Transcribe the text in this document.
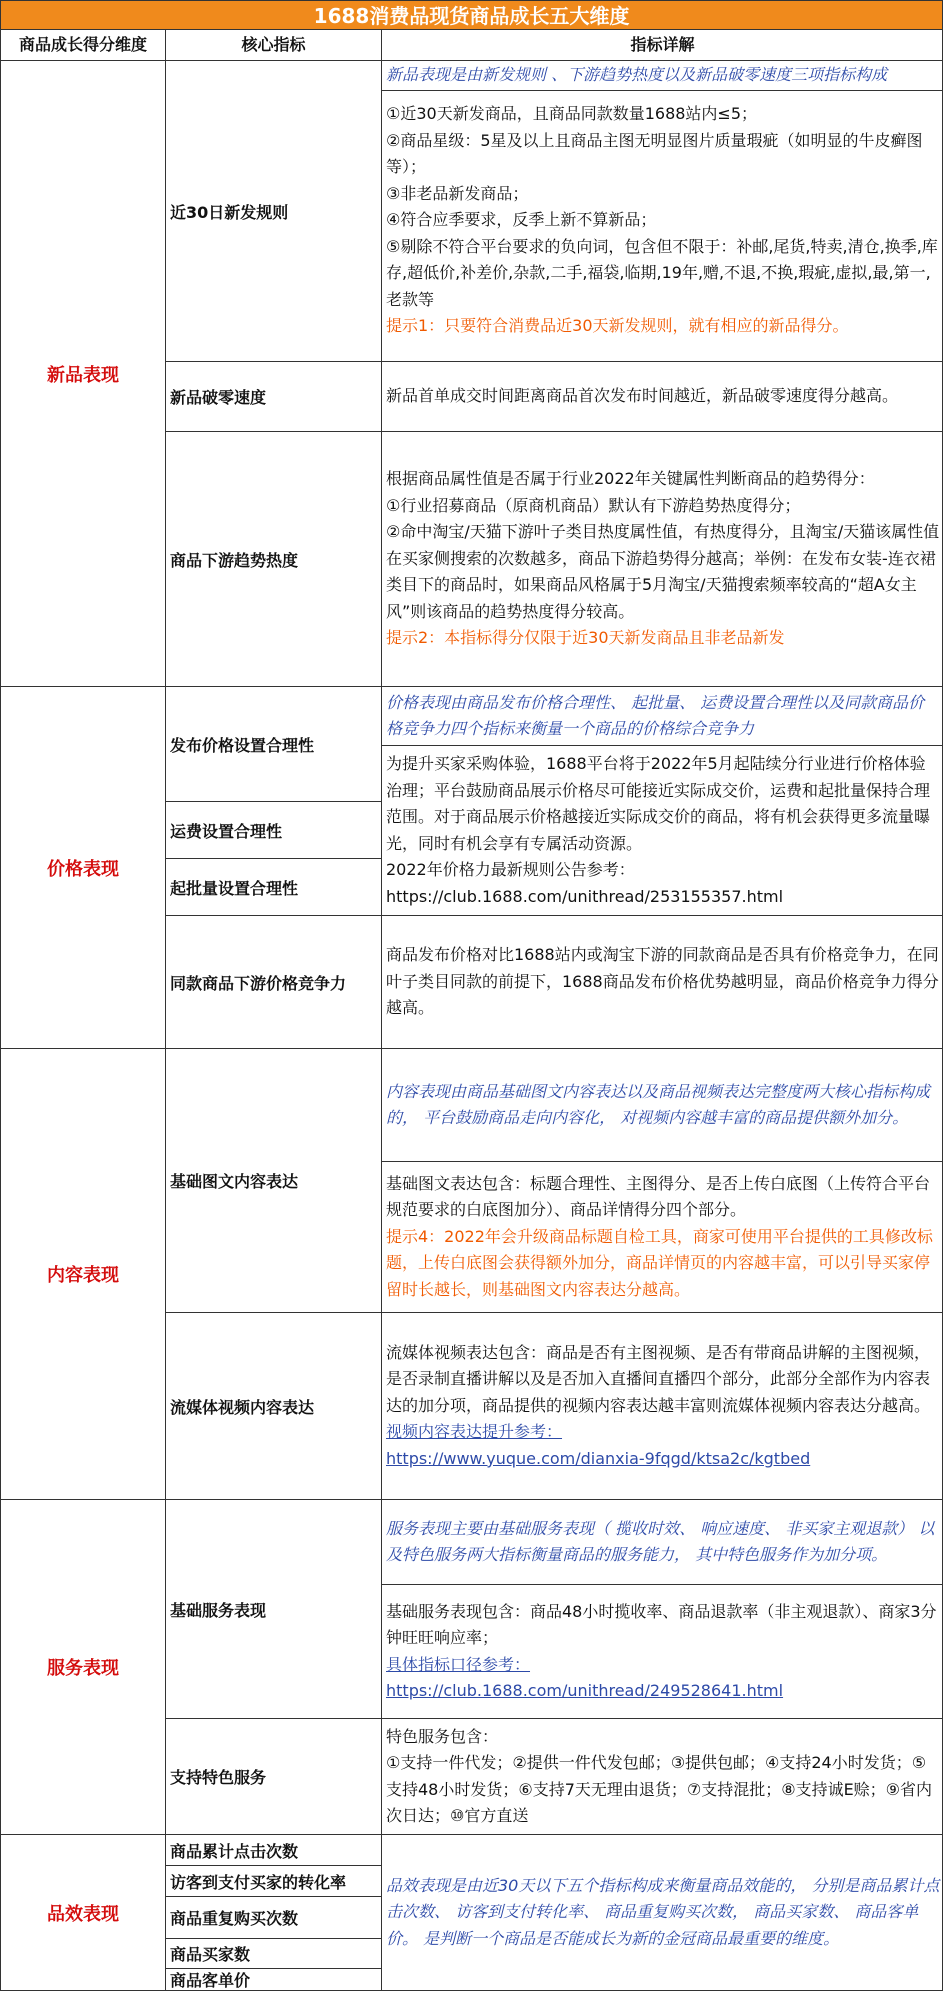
1688消费品现货商品成长五大维度
商品成长得分维度	核心指标	指标详解
新品表现
近30日新发规则
新品破零速度
商品下游趋势热度
新品表现是由新发规则 、下游趋势热度以及新品破零速度三项指标构成
①近30天新发商品，且商品同款数量1688站内≤5；
②商品星级：5星及以上且商品主图无明显图片质量瑕疵（如明显的牛皮癣图等）；
③非老品新发商品；
④符合应季要求，反季上新不算新品；
⑤剔除不符合平台要求的负向词，包含但不限于：补邮,尾货,特卖,清仓,换季,库存,超低价,补差价,杂款,二手,福袋,临期,19年,赠,不退,不换,瑕疵,虚拟,最,第一,老款等
提示1：只要符合消费品近30天新发规则，就有相应的新品得分。
新品首单成交时间距离商品首次发布时间越近，新品破零速度得分越高。
根据商品属性值是否属于行业2022年关键属性判断商品的趋势得分：
①行业招募商品（原商机商品）默认有下游趋势热度得分；
②命中淘宝/天猫下游叶子类目热度属性值，有热度得分，且淘宝/天猫该属性值在买家侧搜索的次数越多，商品下游趋势得分越高；举例：在发布女装-连衣裙类目下的商品时，如果商品风格属于5月淘宝/天猫搜索频率较高的“超A女主风”则该商品的趋势热度得分较高。
提示2：本指标得分仅限于近30天新发商品且非老品新发
价格表现
发布价格设置合理性
运费设置合理性
起批量设置合理性
同款商品下游价格竞争力
价格表现由商品发布价格合理性、 起批量、 运费设置合理性以及同款商品价格竞争力四个指标来衡量一个商品的价格综合竞争力
为提升买家采购体验，1688平台将于2022年5月起陆续分行业进行价格体验治理；平台鼓励商品展示价格尽可能接近实际成交价，运费和起批量保持合理范围。对于商品展示价格越接近实际成交价的商品，将有机会获得更多流量曝光，同时有机会享有专属活动资源。
2022年价格力最新规则公告参考：
https://club.1688.com/unithread/253155357.html
商品发布价格对比1688站内或淘宝下游的同款商品是否具有价格竞争力，在同叶子类目同款的前提下，1688商品发布价格优势越明显，商品价格竞争力得分越高。
内容表现
基础图文内容表达
流媒体视频内容表达
内容表现由商品基础图文内容表达以及商品视频表达完整度两大核心指标构成的， 平台鼓励商品走向内容化， 对视频内容越丰富的商品提供额外加分。
基础图文表达包含：标题合理性、主图得分、是否上传白底图（上传符合平台规范要求的白底图加分）、商品详情得分四个部分。
提示4：2022年会升级商品标题自检工具，商家可使用平台提供的工具修改标题，上传白底图会获得额外加分，商品详情页的内容越丰富，可以引导买家停留时长越长，则基础图文内容表达分越高。
流媒体视频表达包含：商品是否有主图视频、是否有带商品讲解的主图视频，是否录制直播讲解以及是否加入直播间直播四个部分，此部分全部作为内容表达的加分项，商品提供的视频内容表达越丰富则流媒体视频内容表达分越高。
视频内容表达提升参考：
https://www.yuque.com/dianxia-9fqgd/ktsa2c/kgtbed
服务表现
基础服务表现
支持特色服务
服务表现主要由基础服务表现（ 揽收时效、 响应速度、 非买家主观退款） 以及特色服务两大指标衡量商品的服务能力， 其中特色服务作为加分项。
基础服务表现包含：商品48小时揽收率、商品退款率（非主观退款）、商家3分钟旺旺响应率；
具体指标口径参考：
https://club.1688.com/unithread/249528641.html
特色服务包含：
①支持一件代发；②提供一件代发包邮；③提供包邮；④支持24小时发货；⑤支持48小时发货；⑥支持7天无理由退货；⑦支持混批；⑧支持诚E赊；⑨省内次日达；⑩官方直送
品效表现
商品累计点击次数
访客到支付买家的转化率
商品重复购买次数
商品买家数
商品客单价
品效表现是由近30天以下五个指标构成来衡量商品效能的， 分别是商品累计点击次数、 访客到支付转化率、 商品重复购买次数， 商品买家数、 商品客单价。 是判断一个商品是否能成长为新的金冠商品最重要的维度。
